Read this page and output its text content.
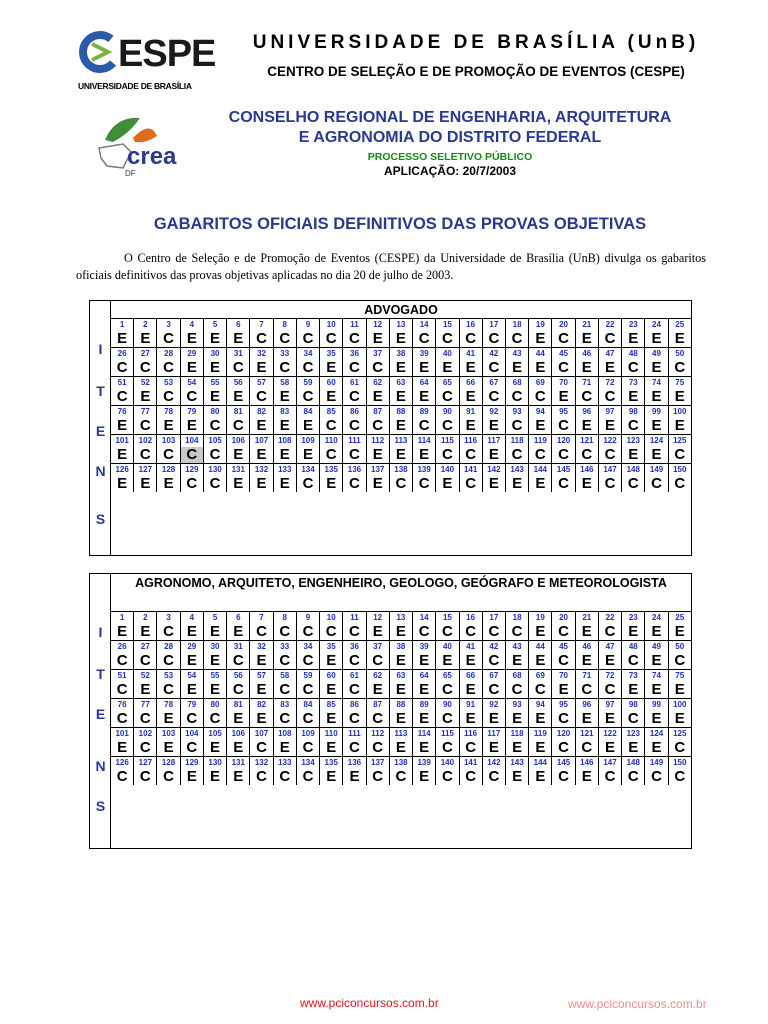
ESPE
UNIVERSIDADE DE BRASÍLIA
UNIVERSIDADE DE BRASÍLIA (UnB)
CENTRO DE SELEÇÃO E DE PROMOÇÃO DE EVENTOS (CESPE)
crea
DF
CONSELHO REGIONAL DE ENGENHARIA, ARQUITETURA
E AGRONOMIA DO DISTRITO FEDERAL
PROCESSO SELETIVO PÚBLICO
APLICAÇÃO: 20/7/2003
GABARITOS OFICIAIS DEFINITIVOS DAS PROVAS OBJETIVAS

O Centro de Seleção e de Promoção de Eventos (CESPE) da Universidade de Brasília (UnB) divulga os gabaritos oficiais definitivos das provas objetivas aplicadas no dia 20 de julho de 2003.

I
T
E
N
S
ADVOGADO
1	2	3	4	5	6	7	8	9	10	11	12	13	14	15	16	17	18	19	20	21	22	23	24	25
E E C E E E C C C C C E E C C C C C E C E C E E E
26	27	28	29	30	31	32	33	34	35	36	37	38	39	40	41	42	43	44	45	46	47	48	49	50
C C C E E C E C C E C C E E E E C E E C E E C E C
51	52	53	54	55	56	57	58	59	60	61	62	63	64	65	66	67	68	69	70	71	72	73	74	75
C E C C E E C E C E C E E E C E C C C E C C E E E
76	77	78	79	80	81	82	83	84	85	86	87	88	89	90	91	92	93	94	95	96	97	98	99	100
E C E E C C E E E C C C E C C E E C E C E E C E E
101	102	103	104	105	106	107	108	109	110	111	112	113	114	115	116	117	118	119	120	121	122	123	124	125
E C C C C E E E E C C E E E C C E C C C C C E E C
126	127	128	129	130	131	132	133	134	135	136	137	138	139	140	141	142	143	144	145	146	147	148	149	150
E E E C C E E E C E C E C C E C E E E C E C C C C
I
T
E
N
S
AGRONOMO, ARQUITETO, ENGENHEIRO, GEOLOGO, GEÓGRAFO E METEOROLOGISTA
1	2	3	4	5	6	7	8	9	10	11	12	13	14	15	16	17	18	19	20	21	22	23	24	25
E E C E E E C C C C C E E C C C C C E C E C E E E
26	27	28	29	30	31	32	33	34	35	36	37	38	39	40	41	42	43	44	45	46	47	48	49	50
C C C E E C E C C E C C E E E E C E E C E E C E C
51	52	53	54	55	56	57	58	59	60	61	62	63	64	65	66	67	68	69	70	71	72	73	74	75
C E C E E C E C C E C E E E C E C C C E C C E E E
76	77	78	79	80	81	82	83	84	85	86	87	88	89	90	91	92	93	94	95	96	97	98	99	100
C C E C C E E C C E C C E E C E E E E C E E C E E
101	102	103	104	105	106	107	108	109	110	111	112	113	114	115	116	117	118	119	120	121	122	123	124	125
E C E C E E C E C E C C E E C C E E E C C E E E C
126	127	128	129	130	131	132	133	134	135	136	137	138	139	140	141	142	143	144	145	146	147	148	149	150
C C C E E E C C C E E C C E C C C E E C E C C C C
www.pciconcursos.com.br	www.pciconcursos.com.br
